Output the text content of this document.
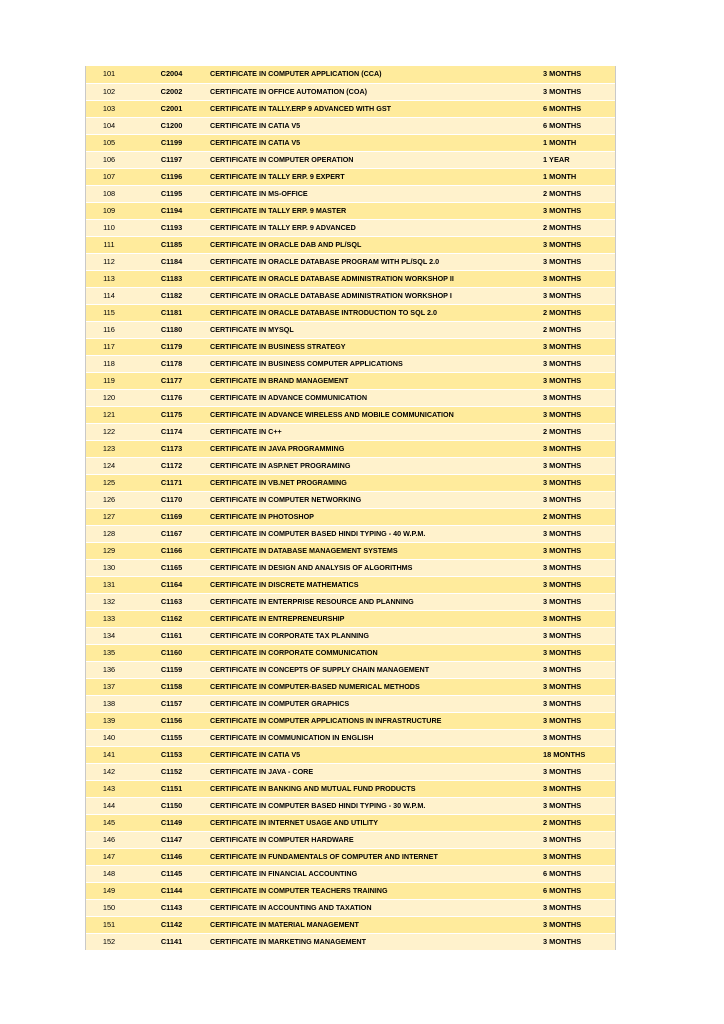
101	C2004	CERTIFICATE IN COMPUTER APPLICATION (CCA)	3 MONTHS
102	C2002	CERTIFICATE IN OFFICE AUTOMATION (COA)	3 MONTHS
103	C2001	CERTIFICATE IN TALLY.ERP 9 ADVANCED WITH GST	6 MONTHS
104	C1200	CERTIFICATE IN CATIA V5	6 MONTHS
105	C1199	CERTIFICATE IN CATIA V5	1 MONTH
106	C1197	CERTIFICATE IN COMPUTER OPERATION	1 YEAR
107	C1196	CERTIFICATE IN TALLY ERP. 9 EXPERT	1 MONTH
108	C1195	CERTIFICATE IN MS-OFFICE	2 MONTHS
109	C1194	CERTIFICATE IN TALLY ERP. 9 MASTER	3 MONTHS
110	C1193	CERTIFICATE IN TALLY ERP. 9 ADVANCED	2 MONTHS
111	C1185	CERTIFICATE IN ORACLE DAB AND PL/SQL	3 MONTHS
112	C1184	CERTIFICATE IN ORACLE DATABASE PROGRAM WITH PL/SQL 2.0	3 MONTHS
113	C1183	CERTIFICATE IN ORACLE DATABASE ADMINISTRATION WORKSHOP II	3 MONTHS
114	C1182	CERTIFICATE IN ORACLE DATABASE ADMINISTRATION WORKSHOP I	3 MONTHS
115	C1181	CERTIFICATE IN ORACLE DATABASE INTRODUCTION TO SQL 2.0	2 MONTHS
116	C1180	CERTIFICATE IN MYSQL	2 MONTHS
117	C1179	CERTIFICATE IN BUSINESS STRATEGY	3 MONTHS
118	C1178	CERTIFICATE IN BUSINESS COMPUTER APPLICATIONS	3 MONTHS
119	C1177	CERTIFICATE IN BRAND MANAGEMENT	3 MONTHS
120	C1176	CERTIFICATE IN ADVANCE COMMUNICATION	3 MONTHS
121	C1175	CERTIFICATE IN ADVANCE WIRELESS AND MOBILE COMMUNICATION	3 MONTHS
122	C1174	CERTIFICATE IN C++	2 MONTHS
123	C1173	CERTIFICATE IN JAVA PROGRAMMING	3 MONTHS
124	C1172	CERTIFICATE IN ASP.NET PROGRAMING	3 MONTHS
125	C1171	CERTIFICATE IN VB.NET PROGRAMING	3 MONTHS
126	C1170	CERTIFICATE IN COMPUTER NETWORKING	3 MONTHS
127	C1169	CERTIFICATE IN PHOTOSHOP	2 MONTHS
128	C1167	CERTIFICATE IN COMPUTER BASED HINDI TYPING - 40 W.P.M.	3 MONTHS
129	C1166	CERTIFICATE IN DATABASE MANAGEMENT SYSTEMS	3 MONTHS
130	C1165	CERTIFICATE IN DESIGN AND ANALYSIS OF ALGORITHMS	3 MONTHS
131	C1164	CERTIFICATE IN DISCRETE MATHEMATICS	3 MONTHS
132	C1163	CERTIFICATE IN ENTERPRISE RESOURCE AND PLANNING	3 MONTHS
133	C1162	CERTIFICATE IN ENTREPRENEURSHIP	3 MONTHS
134	C1161	CERTIFICATE IN CORPORATE TAX PLANNING	3 MONTHS
135	C1160	CERTIFICATE IN CORPORATE COMMUNICATION	3 MONTHS
136	C1159	CERTIFICATE IN CONCEPTS OF SUPPLY CHAIN MANAGEMENT	3 MONTHS
137	C1158	CERTIFICATE IN COMPUTER-BASED NUMERICAL METHODS	3 MONTHS
138	C1157	CERTIFICATE IN COMPUTER GRAPHICS	3 MONTHS
139	C1156	CERTIFICATE IN COMPUTER APPLICATIONS IN INFRASTRUCTURE	3 MONTHS
140	C1155	CERTIFICATE IN COMMUNICATION IN ENGLISH	3 MONTHS
141	C1153	CERTIFICATE IN CATIA V5	18 MONTHS
142	C1152	CERTIFICATE IN JAVA - CORE	3 MONTHS
143	C1151	CERTIFICATE IN BANKING AND MUTUAL FUND PRODUCTS	3 MONTHS
144	C1150	CERTIFICATE IN COMPUTER BASED HINDI TYPING - 30 W.P.M.	3 MONTHS
145	C1149	CERTIFICATE IN INTERNET USAGE AND UTILITY	2 MONTHS
146	C1147	CERTIFICATE IN COMPUTER HARDWARE	3 MONTHS
147	C1146	CERTIFICATE IN FUNDAMENTALS OF COMPUTER AND INTERNET	3 MONTHS
148	C1145	CERTIFICATE IN FINANCIAL ACCOUNTING	6 MONTHS
149	C1144	CERTIFICATE IN COMPUTER TEACHERS TRAINING	6 MONTHS
150	C1143	CERTIFICATE IN ACCOUNTING AND TAXATION	3 MONTHS
151	C1142	CERTIFICATE IN MATERIAL MANAGEMENT	3 MONTHS
152	C1141	CERTIFICATE IN MARKETING MANAGEMENT	3 MONTHS
